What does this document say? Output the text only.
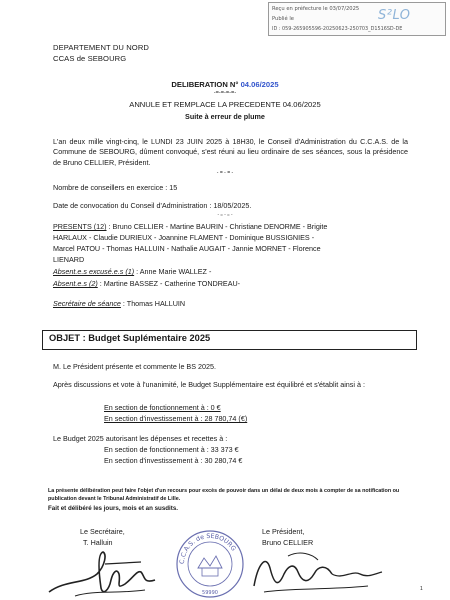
Reçu en préfecture le 03/07/2025
Publié le
ID : 059-265905596-20250623-250703_D1516SD-DE
S²LO
DEPARTEMENT DU NORD
CCAS de SEBOURG
DELIBERATION N° 04.06/2025
-=-=-=-=-
ANNULE ET REMPLACE LA PRECEDENTE 04.06/2025
Suite à erreur de plume
L'an deux mille vingt-cinq, le LUNDI 23 JUIN 2025 à 18H30, le Conseil d'Administration du C.C.A.S. de la Commune de SEBOURG, dûment convoqué, s'est réuni au lieu ordinaire de ses séances, sous la présidence de Bruno CELLIER, Président.
- = - = -
Nombre de conseillers en exercice : 15
Date de convocation du Conseil d'Administration : 18/05/2025.
- = - = -
PRESENTS (12) : Bruno CELLIER - Martine BAURIN - Christiane DENORME - Brigite
HARLAUX - Claudie DURIEUX - Joannine FLAMENT - Dominique BUSSIGNIES -
Marcel PATOU - Thomas HALLUIN - Nathalie AUGAIT - Jannie MORNET - Florence
LIENARD
Absent.e.s excusé.e.s (1) : Anne Marie WALLEZ -
Absent.e.s (2) : Martine BASSEZ - Catherine TONDREAU-
Secrétaire de séance : Thomas HALLUIN
OBJET : Budget Suplémentaire 2025
M. Le Président présente et commente le BS 2025.
Après discussions et vote à l'unanimité, le Budget Supplémentaire est équilibré et s'établit ainsi à :
En section de fonctionnement à : 0 €
En section d'investissement à : 28 780,74 (€)
Le Budget 2025 autorisant les dépenses et recettes à :
En section de fonctionnement à : 33 373 €
En section d'investissement à : 30 280,74 €
La présente délibération peut faire l'objet d'un recours pour excès de pouvoir dans un délai de deux mois à compter de sa notification ou publication devant le Tribunal Administratif de Lille.
Fait et délibéré les jours, mois et an susdits.
Le Secrétaire,
T. Halluin
Le Président,
Bruno CELLIER
C.C.A.S. de SEBOURG
59990
1
